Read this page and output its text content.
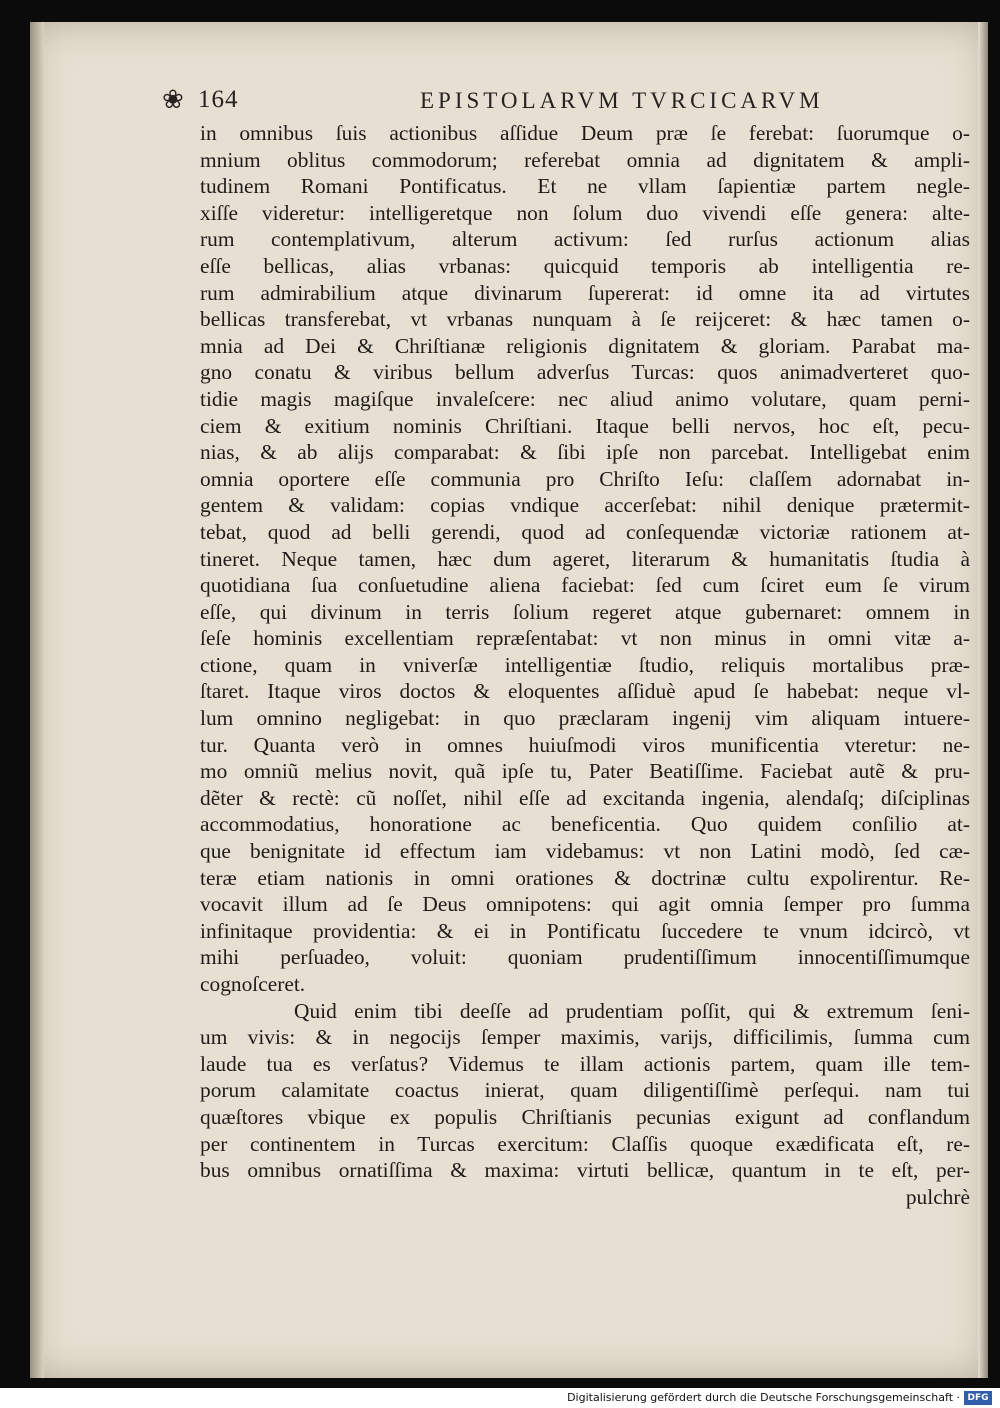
❀ 164	EPISTOLARVM TVRCICARVM
in omnibus ſuis actionibus aſſidue Deum præ ſe ferebat: ſuorumque o-
mnium oblitus commodorum; referebat omnia ad dignitatem & ampli-
tudinem Romani Pontificatus. Et ne vllam ſapientiæ partem negle-
xiſſe videretur: intelligeretque non ſolum duo vivendi eſſe genera: alte-
rum contemplativum, alterum activum: ſed rurſus actionum alias
eſſe bellicas, alias vrbanas: quicquid temporis ab intelligentia re-
rum admirabilium atque divinarum ſupererat: id omne ita ad virtutes
bellicas transferebat, vt vrbanas nunquam à ſe reijceret: & hæc tamen o-
mnia ad Dei & Chriſtianæ religionis dignitatem & gloriam. Parabat ma-
gno conatu & viribus bellum adverſus Turcas: quos animadverteret quo-
tidie magis magiſque invaleſcere: nec aliud animo volutare, quam perni-
ciem & exitium nominis Chriſtiani. Itaque belli nervos, hoc eſt, pecu-
nias, & ab alijs comparabat: & ſibi ipſe non parcebat. Intelligebat enim
omnia oportere eſſe communia pro Chriſto Ieſu: claſſem adornabat in-
gentem & validam: copias vndique accerſebat: nihil denique prætermit-
tebat, quod ad belli gerendi, quod ad conſequendæ victoriæ rationem at-
tineret. Neque tamen, hæc dum ageret, literarum & humanitatis ſtudia à
quotidiana ſua conſuetudine aliena faciebat: ſed cum ſciret eum ſe virum
eſſe, qui divinum in terris ſolium regeret atque gubernaret: omnem in
ſeſe hominis excellentiam repræſentabat: vt non minus in omni vitæ a-
ctione, quam in vniverſæ intelligentiæ ſtudio, reliquis mortalibus præ-
ſtaret. Itaque viros doctos & eloquentes aſſiduè apud ſe habebat: neque vl-
lum omnino negligebat: in quo præclaram ingenij vim aliquam intuere-
tur. Quanta verò in omnes huiuſmodi viros munificentia vteretur: ne-
mo omniũ melius novit, quã ipſe tu, Pater Beatiſſime. Faciebat autẽ & pru-
dẽter & rectè: cũ noſſet, nihil eſſe ad excitanda ingenia, alendaſq; diſciplinas
accommodatius, honoratione ac beneficentia. Quo quidem conſilio at-
que benignitate id effectum iam videbamus: vt non Latini modò, ſed cæ-
teræ etiam nationis in omni orationes & doctrinæ cultu expolirentur. Re-
vocavit illum ad ſe Deus omnipotens: qui agit omnia ſemper pro ſumma
infinitaque providentia: & ei in Pontificatu ſuccedere te vnum idcircò, vt
mihi perſuadeo, voluit: quoniam prudentiſſimum innocentiſſimumque
cognoſceret.
Quid enim tibi deeſſe ad prudentiam poſſit, qui & extremum ſeni-
um vivis: & in negocijs ſemper maximis, varijs, difficilimis, ſumma cum
laude tua es verſatus? Videmus te illam actionis partem, quam ille tem-
porum calamitate coactus inierat, quam diligentiſſimè perſequi. nam tui
quæſtores vbique ex populis Chriſtianis pecunias exigunt ad conflandum
per continentem in Turcas exercitum: Claſſis quoque exædificata eſt, re-
bus omnibus ornatiſſima & maxima: virtuti bellicæ, quantum in te eſt, per-
pulchrè
Digitalisierung gefördert durch die Deutsche Forschungsgemeinschaft · DFG
